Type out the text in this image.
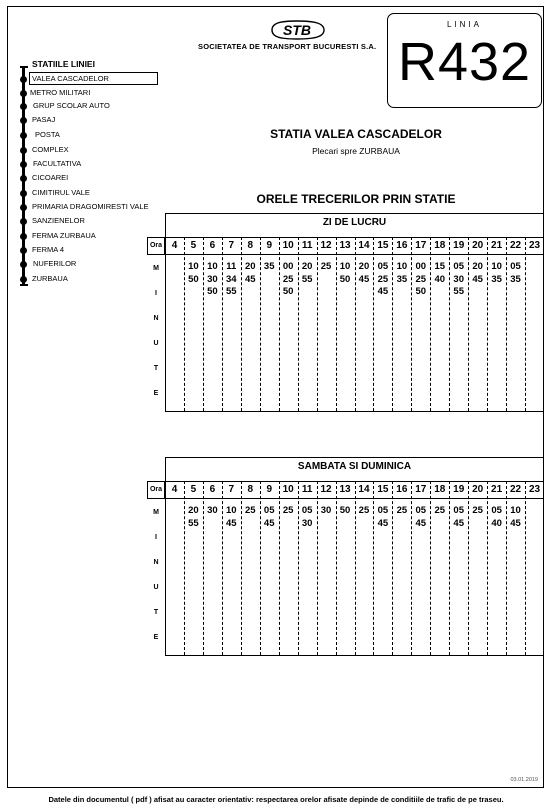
STB
SOCIETATEA DE TRANSPORT BUCURESTI S.A.
LINIA
R432
STATIILE LINIEI
VALEA CASCADELOR
METRO MILITARI
GRUP SCOLAR AUTO
PASAJ
POSTA
COMPLEX
FACULTATIVA
CICOAREI
CIMITIRUL VALE
PRIMARIA DRAGOMIRESTI VALE
SANZIENELOR
FERMA ZURBAUA
FERMA 4
NUFERILOR
ZURBAUA
STATIA VALEA CASCADELOR
Plecari spre ZURBAUA
ORELE TRECERILOR PRIN STATIE
ZI DE LUCRU
Ora 4	5
10
50
6
10
30
50
7
11
34
55
8
20
45
9
35
10
00
25
50
11
20
55
12
25
13
10
50
14
20
45
15
05
25
45
16
10
35
17
00
25
50
18
15
40
19
05
30
55
20
20
45
21
10
35
22
05
35
23
M
I
N
U
T
E
SAMBATA SI DUMINICA
Ora 4	5
20
55
6
30
7
10
45
8
25
9
05
45
10
25
11
05
30
12
30
13
50
14
25
15
05
45
16
25
17
05
45
18
25
19
05
45
20
25
21
05
40
22
10
45
23
M
I
N
U
T
E
03.01.2019
Datele din documentul ( pdf ) afisat au caracter orientativ: respectarea orelor afisate depinde de conditiile de trafic de pe traseu.
